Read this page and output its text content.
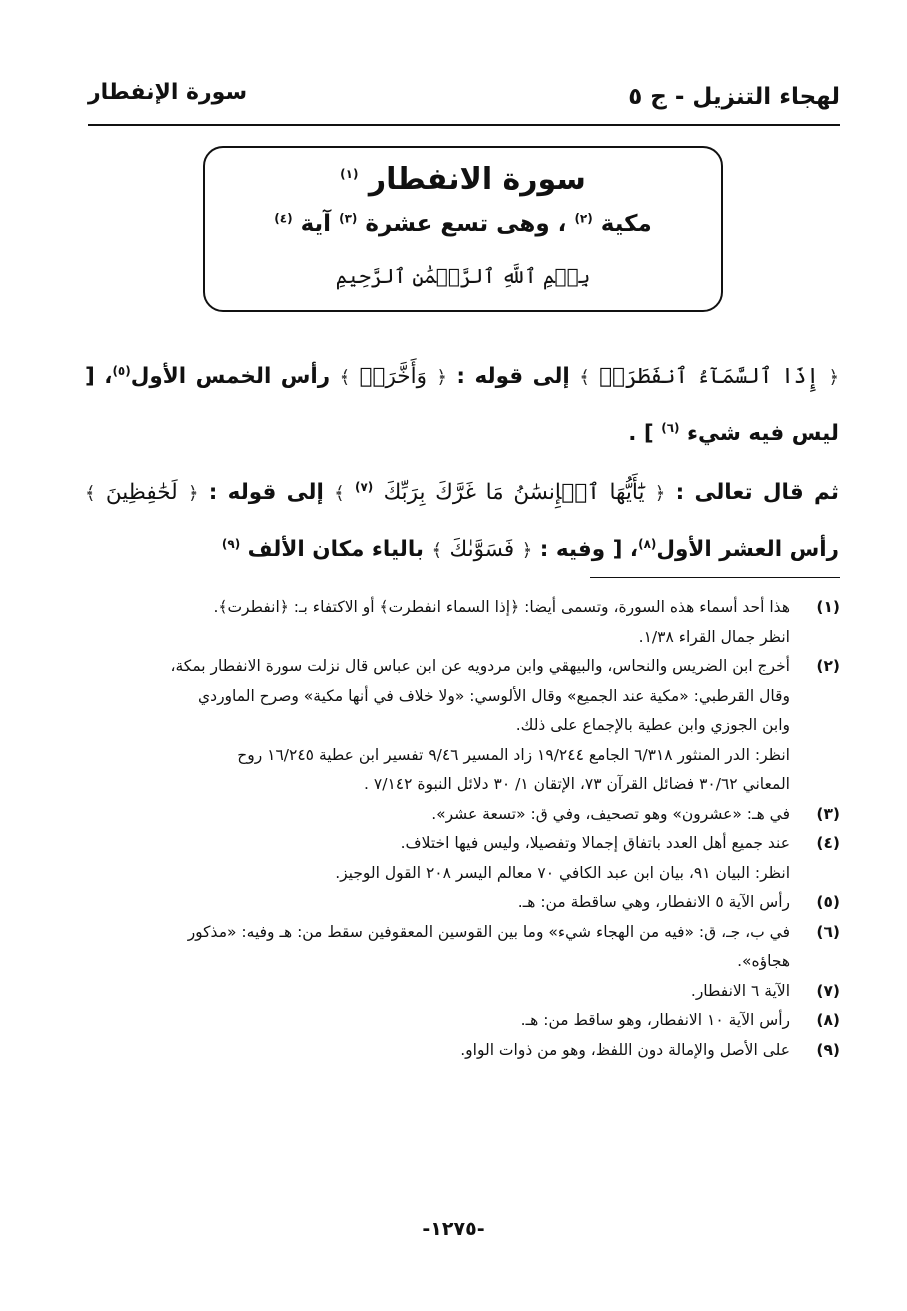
لهجاء التنزيل - ج ٥
سورة الإنفطار
سورة الانفطار $^{(١)}$
مكية $^{(٢)}$ ، وهى تسع عشرة $^{(٣)}$ آية $^{(٤)}$
بِسۡمِ ٱللَّهِ ٱلرَّحۡمَٰنِ ٱلرَّحِيمِ
﴿ إِذَا ٱلسَّمَآءُ ٱنفَطَرَتۡ ﴾ إلى قوله : ﴿ وَأَخَّرَتۡ ﴾ رأس الخمس الأول$^{(٥)}$، [ ليس فيه شيء $^{(٦)}$ ] .
ثم قال تعالى : ﴿ يَٰٓأَيُّهَا ٱلۡإِنسَٰنُ مَا غَرَّكَ بِرَبِّكَ $^{(٧)}$ ﴾ إلى قوله : ﴿ لَحَٰفِظِينَ ﴾ رأس العشر الأول$^{(٨)}$، [ وفيه : ﴿ فَسَوَّىٰكَ ﴾ بالياء مكان الألف $^{(٩)}$
(١)
هذا أحد أسماء هذه السورة، وتسمى أيضا: ﴿إذا السماء انفطرت﴾ أو الاكتفاء بـ: ﴿انفطرت﴾.
انظر جمال القراء ١/٣٨.
(٢)
أخرج ابن الضريس والنحاس، والبيهقي وابن مردويه عن ابن عباس قال نزلت سورة الانفطار بمكة،
وقال القرطبي: «مكية عند الجميع» وقال الألوسي: «ولا خلاف في أنها مكية» وصرح الماوردي
وابن الجوزي وابن عطية بالإجماع على ذلك.
انظر: الدر المنثور ٦/٣١٨ الجامع ١٩/٢٤٤ زاد المسير ٩/٤٦ تفسير ابن عطية ١٦/٢٤٥ روح
المعاني ٣٠/٦٢ فضائل القرآن ٧٣، الإتقان ١/ ٣٠ دلائل النبوة ٧/١٤٢ .
(٣)
في هـ: «عشرون» وهو تصحيف، وفي ق: «تسعة عشر».
(٤)
عند جميع أهل العدد باتفاق إجمالا وتفصيلا، وليس فيها اختلاف.
انظر: البيان ٩١، بيان ابن عبد الكافي ٧٠ معالم اليسر ٢٠٨ القول الوجيز.
(٥)
رأس الآية ٥ الانفطار، وهي ساقطة من: هـ.
(٦)
في ب، جـ، ق: «فيه من الهجاء شيء» وما بين القوسين المعقوفين سقط من: هـ وفيه: «مذكور
هجاؤه».
(٧)
الآية ٦ الانفطار.
(٨)
رأس الآية ١٠ الانفطار، وهو ساقط من: هـ.
(٩)
على الأصل والإمالة دون اللفظ، وهو من ذوات الواو.
-١٢٧٥-
